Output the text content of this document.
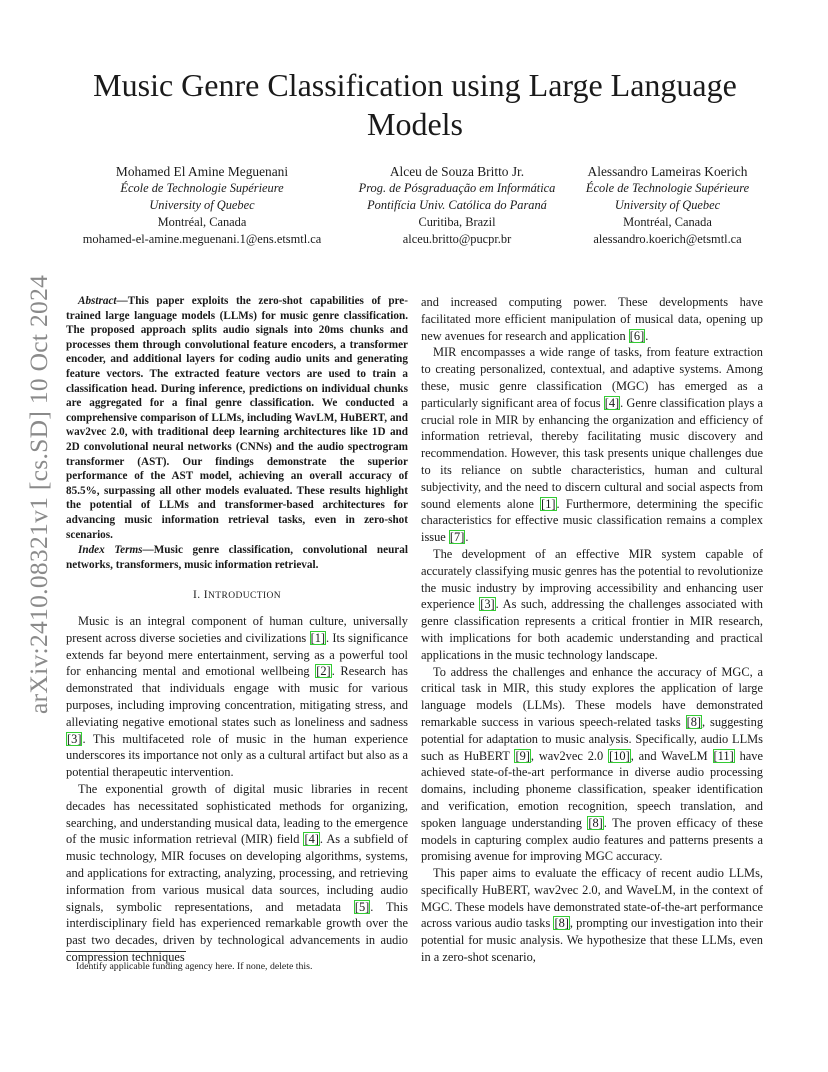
Music Genre Classification using Large Language Models
Mohamed El Amine Meguenani
École de Technologie Supérieure
University of Quebec
Montréal, Canada
mohamed-el-amine.meguenani.1@ens.etsmtl.ca
Alceu de Souza Britto Jr.
Prog. de Pósgraduação em Informática
Pontifícia Univ. Católica do Paraná
Curitiba, Brazil
alceu.britto@pucpr.br
Alessandro Lameiras Koerich
École de Technologie Supérieure
University of Quebec
Montréal, Canada
alessandro.koerich@etsmtl.ca
arXiv:2410.08321v1 [cs.SD] 10 Oct 2024	Abstract—This paper exploits the zero-shot capabilities of pre-trained large language models (LLMs) for music genre classification. The proposed approach splits audio signals into 20ms chunks and processes them through convolutional feature encoders, a transformer encoder, and additional layers for coding audio units and generating feature vectors. The extracted feature vectors are used to train a classification head. During inference, predictions on individual chunks are aggregated for a final genre classification. We conducted a comprehensive comparison of LLMs, including WavLM, HuBERT, and wav2vec 2.0, with traditional deep learning architectures like 1D and 2D convolutional neural networks (CNNs) and the audio spectrogram transformer (AST). Our findings demonstrate the superior performance of the AST model, achieving an overall accuracy of 85.5%, surpassing all other models evaluated. These results highlight the potential of LLMs and transformer-based architectures for advancing music information retrieval tasks, even in zero-shot scenarios.

Index Terms—Music genre classification, convolutional neural networks, transformers, music information retrieval.

I. INTRODUCTION

Music is an integral component of human culture, universally present across diverse societies and civilizations [1]. Its significance extends far beyond mere entertainment, serving as a powerful tool for enhancing mental and emotional wellbeing [2]. Research has demonstrated that individuals engage with music for various purposes, including improving concentration, mitigating stress, and alleviating negative emotional states such as loneliness and sadness [3]. This multifaceted role of music in the human experience underscores its importance not only as a cultural artifact but also as a potential therapeutic intervention.

The exponential growth of digital music libraries in recent decades has necessitated sophisticated methods for organizing, searching, and understanding musical data, leading to the emergence of the music information retrieval (MIR) field [4]. As a subfield of music technology, MIR focuses on developing algorithms, systems, and applications for extracting, analyzing, processing, and retrieving information from various musical data sources, including audio signals, symbolic representations, and metadata [5]. This interdisciplinary field has experienced remarkable growth over the past two decades, driven by technological advancements in audio compression techniques

and increased computing power. These developments have facilitated more efficient manipulation of musical data, opening up new avenues for research and application [6].

MIR encompasses a wide range of tasks, from feature extraction to creating personalized, contextual, and adaptive systems. Among these, music genre classification (MGC) has emerged as a particularly significant area of focus [4]. Genre classification plays a crucial role in MIR by enhancing the organization and efficiency of information retrieval, thereby facilitating music discovery and recommendation. However, this task presents unique challenges due to its reliance on subtle characteristics, human and cultural subjectivity, and the need to discern cultural and social aspects from sound elements alone [1]. Furthermore, determining the specific characteristics for effective music classification remains a complex issue [7].

The development of an effective MIR system capable of accurately classifying music genres has the potential to revolutionize the music industry by improving accessibility and enhancing user experience [3]. As such, addressing the challenges associated with genre classification represents a critical frontier in MIR research, with implications for both academic understanding and practical applications in the music technology landscape.

To address the challenges and enhance the accuracy of MGC, a critical task in MIR, this study explores the application of large language models (LLMs). These models have demonstrated remarkable success in various speech-related tasks [8], suggesting potential for adaptation to music analysis. Specifically, audio LLMs such as HuBERT [9], wav2vec 2.0 [10], and WaveLM [11] have achieved state-of-the-art performance in diverse audio processing domains, including phoneme classification, speaker identification and verification, emotion recognition, speech translation, and spoken language understanding [8]. The proven efficacy of these models in capturing complex audio features and patterns presents a promising avenue for improving MGC accuracy.

This paper aims to evaluate the efficacy of recent audio LLMs, specifically HuBERT, wav2vec 2.0, and WaveLM, in the context of MGC. These models have demonstrated state-of-the-art performance across various audio tasks [8], prompting our investigation into their potential for music analysis. We hypothesize that these LLMs, even in a zero-shot scenario,

Identify applicable funding agency here. If none, delete this.
